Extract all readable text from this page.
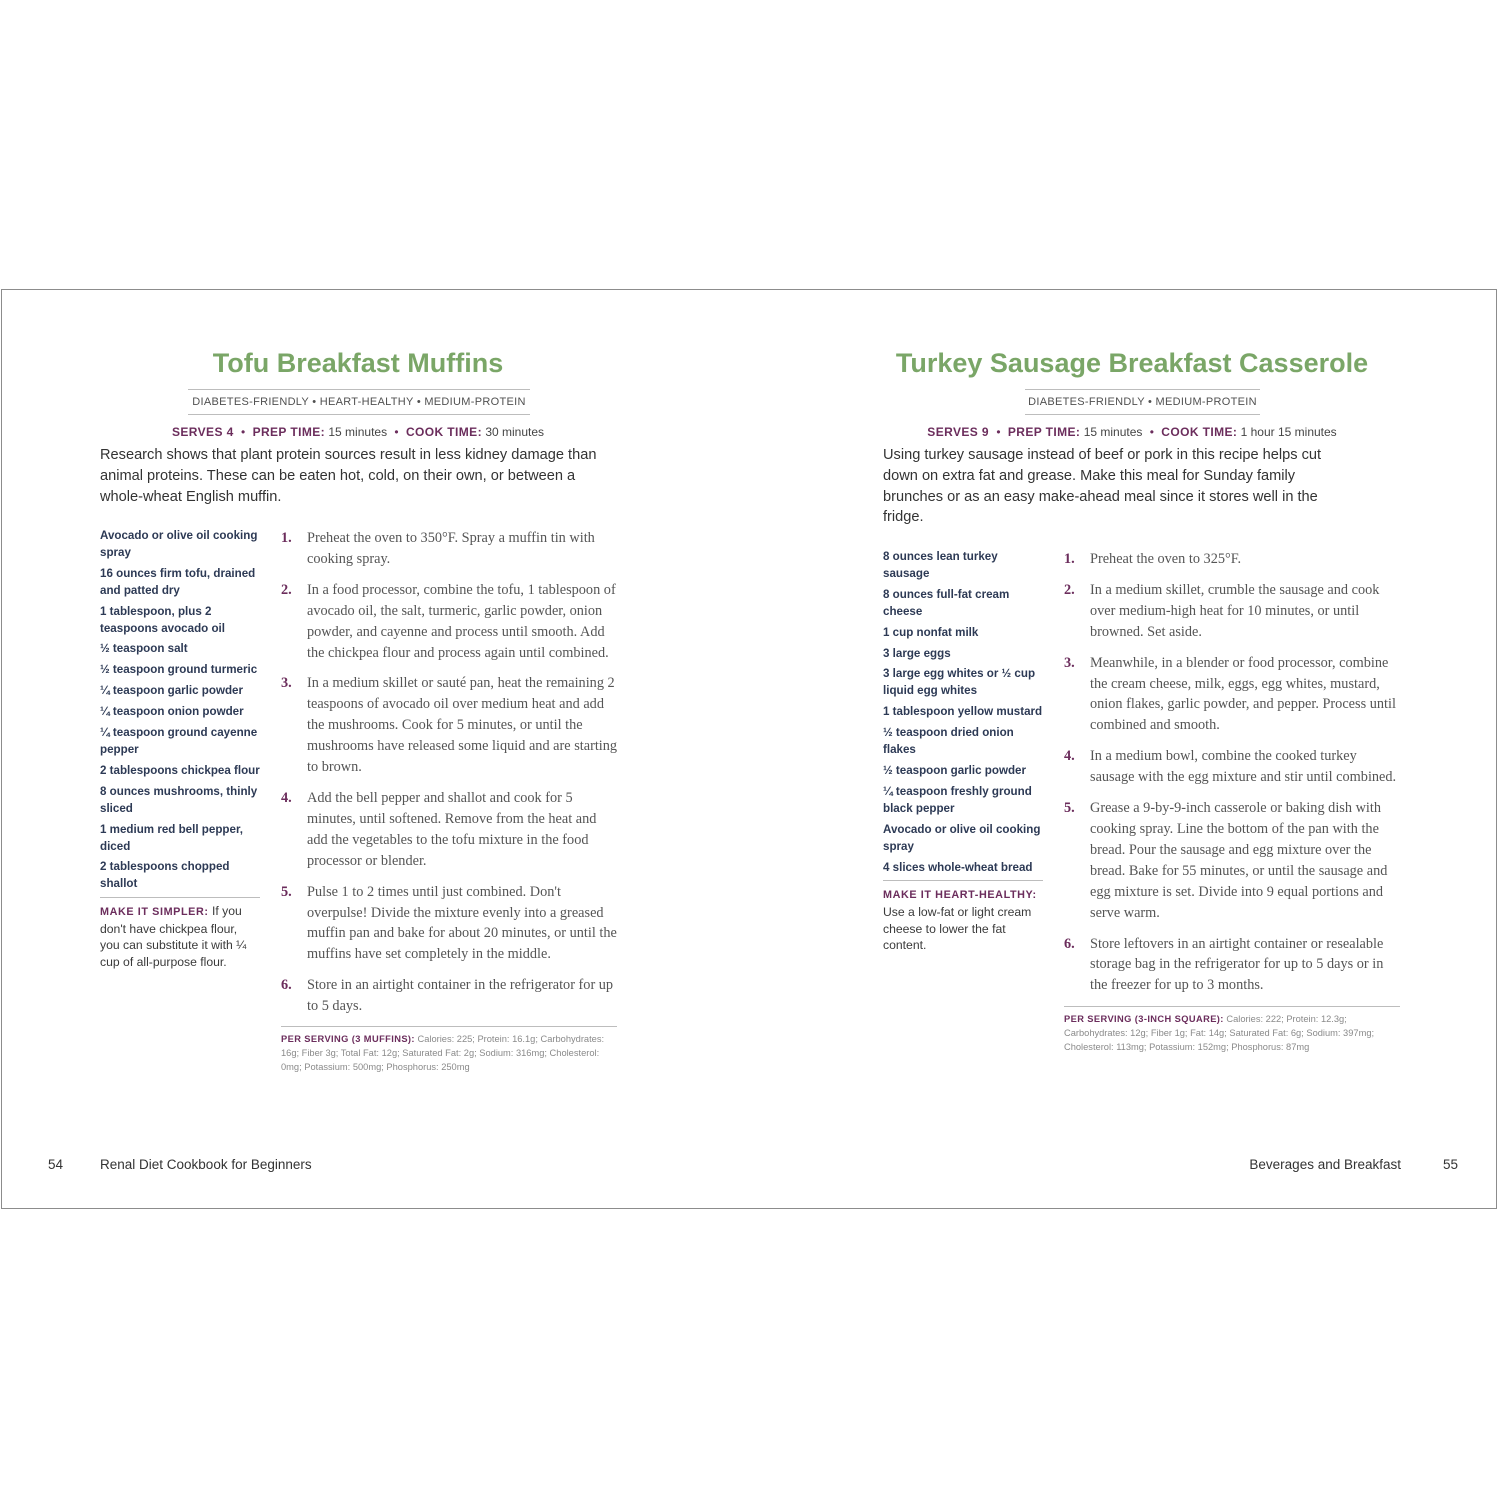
Tofu Breakfast Muffins
DIABETES-FRIENDLY • HEART-HEALTHY • MEDIUM-PROTEIN
SERVES 4 • PREP TIME: 15 minutes • COOK TIME: 30 minutes

Research shows that plant protein sources result in less kidney damage than animal proteins. These can be eaten hot, cold, on their own, or between a whole-wheat English muffin.

Avocado or olive oil cooking spray
16 ounces firm tofu, drained and patted dry
1 tablespoon, plus 2 teaspoons avocado oil
½ teaspoon salt
½ teaspoon ground turmeric
¼ teaspoon garlic powder
¼ teaspoon onion powder
¼ teaspoon ground cayenne pepper
2 tablespoons chickpea flour
8 ounces mushrooms, thinly sliced
1 medium red bell pepper, diced
2 tablespoons chopped shallot
MAKE IT SIMPLER: If you don't have chickpea flour, you can substitute it with ¼ cup of all-purpose flour.
1. Preheat the oven to 350°F. Spray a muffin tin with cooking spray.
2. In a food processor, combine the tofu, 1 tablespoon of avocado oil, the salt, turmeric, garlic powder, onion powder, and cayenne and process until smooth. Add the chickpea flour and process again until combined.
3. In a medium skillet or sauté pan, heat the remaining 2 teaspoons of avocado oil over medium heat and add the mushrooms. Cook for 5 minutes, or until the mushrooms have released some liquid and are starting to brown.
4. Add the bell pepper and shallot and cook for 5 minutes, until softened. Remove from the heat and add the vegetables to the tofu mixture in the food processor or blender.
5. Pulse 1 to 2 times until just combined. Don't overpulse! Divide the mixture evenly into a greased muffin pan and bake for about 20 minutes, or until the muffins have set completely in the middle.
6. Store in an airtight container in the refrigerator for up to 5 days.
PER SERVING (3 MUFFINS): Calories: 225; Protein: 16.1g; Carbohydrates: 16g; Fiber 3g; Total Fat: 12g; Saturated Fat: 2g; Sodium: 316mg; Cholesterol: 0mg; Potassium: 500mg; Phosphorus: 250mg
54	Renal Diet Cookbook for Beginners
Turkey Sausage Breakfast Casserole
DIABETES-FRIENDLY • MEDIUM-PROTEIN
SERVES 9 • PREP TIME: 15 minutes • COOK TIME: 1 hour 15 minutes

Using turkey sausage instead of beef or pork in this recipe helps cut down on extra fat and grease. Make this meal for Sunday family brunches or as an easy make-ahead meal since it stores well in the fridge.

8 ounces lean turkey sausage
8 ounces full-fat cream cheese
1 cup nonfat milk
3 large eggs
3 large egg whites or ½ cup liquid egg whites
1 tablespoon yellow mustard
½ teaspoon dried onion flakes
½ teaspoon garlic powder
¼ teaspoon freshly ground black pepper
Avocado or olive oil cooking spray
4 slices whole-wheat bread
MAKE IT HEART-HEALTHY: Use a low-fat or light cream cheese to lower the fat content.
1. Preheat the oven to 325°F.
2. In a medium skillet, crumble the sausage and cook over medium-high heat for 10 minutes, or until browned. Set aside.
3. Meanwhile, in a blender or food processor, combine the cream cheese, milk, eggs, egg whites, mustard, onion flakes, garlic powder, and pepper. Process until combined and smooth.
4. In a medium bowl, combine the cooked turkey sausage with the egg mixture and stir until combined.
5. Grease a 9-by-9-inch casserole or baking dish with cooking spray. Line the bottom of the pan with the bread. Pour the sausage and egg mixture over the bread. Bake for 55 minutes, or until the sausage and egg mixture is set. Divide into 9 equal portions and serve warm.
6. Store leftovers in an airtight container or resealable storage bag in the refrigerator for up to 5 days or in the freezer for up to 3 months.
PER SERVING (3-INCH SQUARE): Calories: 222; Protein: 12.3g; Carbohydrates: 12g; Fiber 1g; Fat: 14g; Saturated Fat: 6g; Sodium: 397mg; Cholesterol: 113mg; Potassium: 152mg; Phosphorus: 87mg
Beverages and Breakfast	55
